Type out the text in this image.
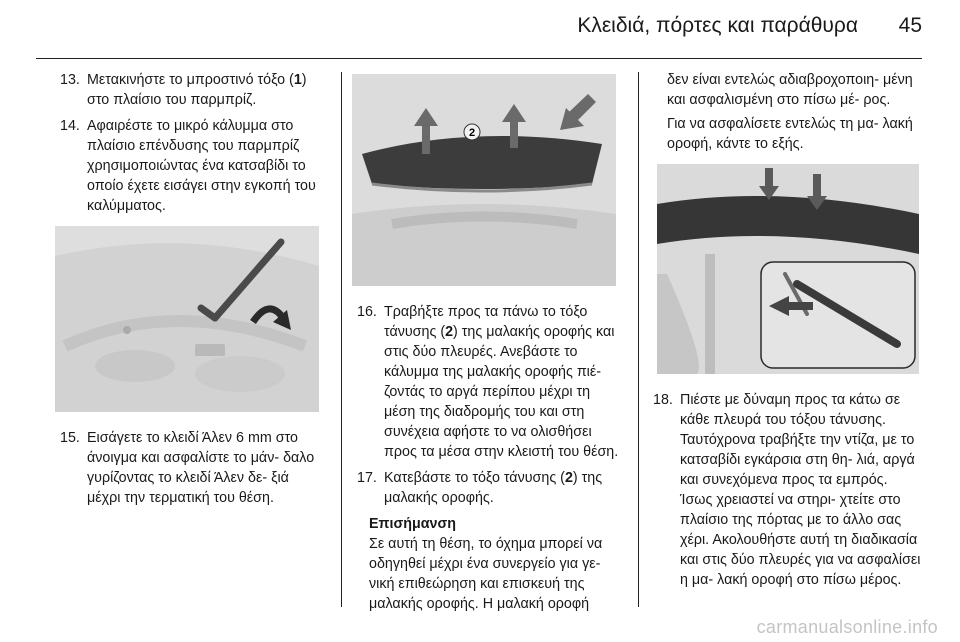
Κλειδιά, πόρτες και παράθυρα 45
13. Μετακινήστε το μπροστινό τόξο (1) στο πλαίσιο του παρμπρίζ.
14. Αφαιρέστε το μικρό κάλυμμα στο πλαίσιο επένδυσης του παρμπρίζ χρησιμοποιώντας ένα κατσαβίδι το οποίο έχετε εισάγει στην εγκοπή του καλύμματος.
15. Εισάγετε το κλειδί Άλεν 6 mm στο άνοιγμα και ασφαλίστε το μάν- δαλο γυρίζοντας το κλειδί Άλεν δε- ξιά μέχρι την τερματική του θέση.
2
16. Τραβήξτε προς τα πάνω το τόξο τάνυσης (2) της μαλακής οροφής και στις δύο πλευρές. Ανεβάστε το κάλυμμα της μαλακής οροφής πιέ- ζοντάς το αργά περίπου μέχρι τη μέση της διαδρομής του και στη συνέχεια αφήστε το να ολισθήσει προς τα μέσα στην κλειστή του θέση.
17. Κατεβάστε το τόξο τάνυσης (2) της μαλακής οροφής.
Επισήμανση
Σε αυτή τη θέση, το όχημα μπορεί να οδηγηθεί μέχρι ένα συνεργείο για γε- νική επιθεώρηση και επισκευή της μαλακής οροφής. Η μαλακή οροφή
δεν είναι εντελώς αδιαβροχοποιη- μένη και ασφαλισμένη στο πίσω μέ- ρος.
Για να ασφαλίσετε εντελώς τη μα- λακή οροφή, κάντε το εξής.
18. Πιέστε με δύναμη προς τα κάτω σε κάθε πλευρά του τόξου τάνυσης. Ταυτόχρονα τραβήξτε την ντίζα, με το κατσαβίδι εγκάρσια στη θη- λιά, αργά και συνεχόμενα προς τα εμπρός. Ίσως χρειαστεί να στηρι- χτείτε στο πλαίσιο της πόρτας με το άλλο σας χέρι. Ακολουθήστε αυτή τη διαδικασία και στις δύο πλευρές για να ασφαλίσει η μα- λακή οροφή στο πίσω μέρος.
carmanualsonline.info
